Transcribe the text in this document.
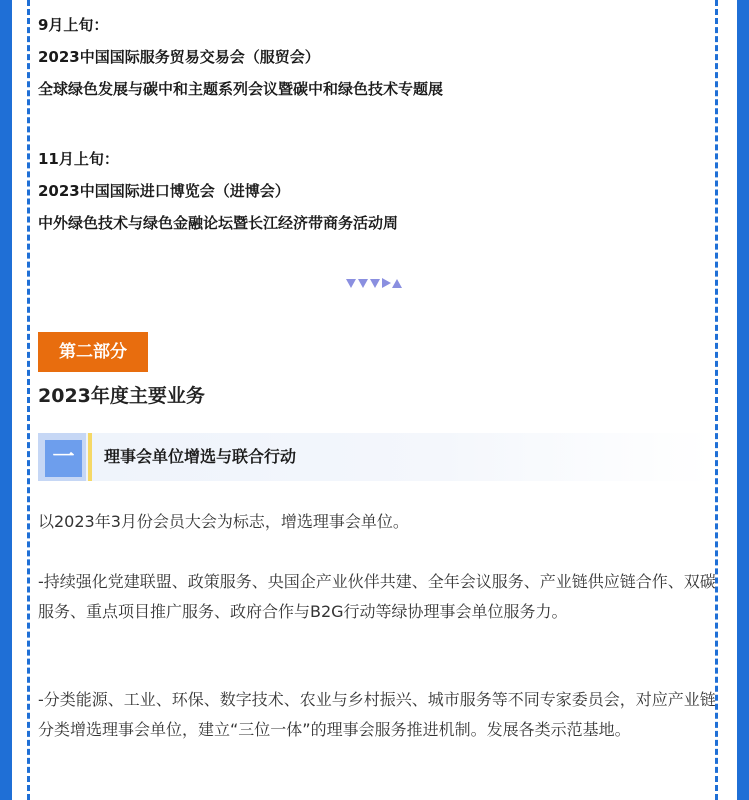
9月上旬：
2023中国国际服务贸易交易会（服贸会）
全球绿色发展与碳中和主题系列会议暨碳中和绿色技术专题展
11月上旬：
2023中国国际进口博览会（进博会）
中外绿色技术与绿色金融论坛暨长江经济带商务活动周
第二部分
2023年度主要业务
一	理事会单位增选与联合行动
以2023年3月份会员大会为标志，增选理事会单位。
-持续强化党建联盟、政策服务、央国企产业伙伴共建、全年会议服务、产业链供应链合作、双碳服务、重点项目推广服务、政府合作与B2G行动等绿协理事会单位服务力。
-分类能源、工业、环保、数字技术、农业与乡村振兴、城市服务等不同专家委员会，对应产业链分类增选理事会单位，建立“三位一体”的理事会服务推进机制。发展各类示范基地。
